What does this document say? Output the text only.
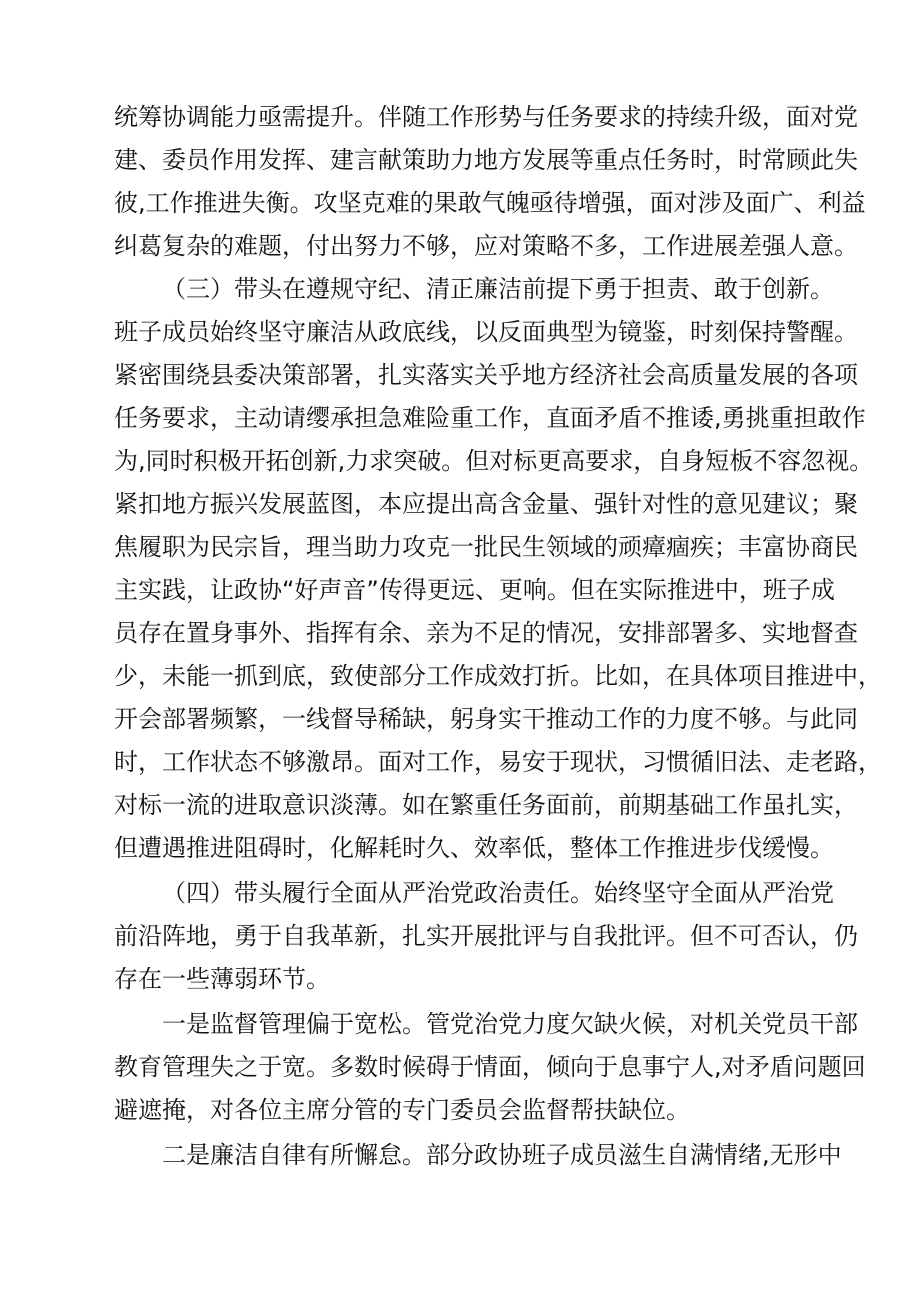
统筹协调能力亟需提升。伴随工作形势与任务要求的持续升级，面对党
建、委员作用发挥、建言献策助力地方发展等重点任务时，时常顾此失
彼,工作推进失衡。攻坚克难的果敢气魄亟待增强，面对涉及面广、利益
纠葛复杂的难题，付出努力不够，应对策略不多，工作进展差强人意。
（三）带头在遵规守纪、清正廉洁前提下勇于担责、敢于创新。
班子成员始终坚守廉洁从政底线，以反面典型为镜鉴，时刻保持警醒。
紧密围绕县委决策部署，扎实落实关乎地方经济社会高质量发展的各项
任务要求，主动请缨承担急难险重工作，直面矛盾不推诿,勇挑重担敢作
为,同时积极开拓创新,力求突破。但对标更高要求，自身短板不容忽视。
紧扣地方振兴发展蓝图，本应提出高含金量、强针对性的意见建议；聚
焦履职为民宗旨，理当助力攻克一批民生领域的顽瘴痼疾；丰富协商民
主实践，让政协“好声音”传得更远、更响。但在实际推进中，班子成
员存在置身事外、指挥有余、亲为不足的情况，安排部署多、实地督查
少，未能一抓到底，致使部分工作成效打折。比如，在具体项目推进中，
开会部署频繁，一线督导稀缺，躬身实干推动工作的力度不够。与此同
时，工作状态不够激昂。面对工作，易安于现状，习惯循旧法、走老路，
对标一流的进取意识淡薄。如在繁重任务面前，前期基础工作虽扎实，
但遭遇推进阻碍时，化解耗时久、效率低，整体工作推进步伐缓慢。
（四）带头履行全面从严治党政治责任。始终坚守全面从严治党
前沿阵地，勇于自我革新，扎实开展批评与自我批评。但不可否认，仍
存在一些薄弱环节。
一是监督管理偏于宽松。管党治党力度欠缺火候，对机关党员干部
教育管理失之于宽。多数时候碍于情面，倾向于息事宁人,对矛盾问题回
避遮掩，对各位主席分管的专门委员会监督帮扶缺位。
二是廉洁自律有所懈怠。部分政协班子成员滋生自满情绪,无形中
